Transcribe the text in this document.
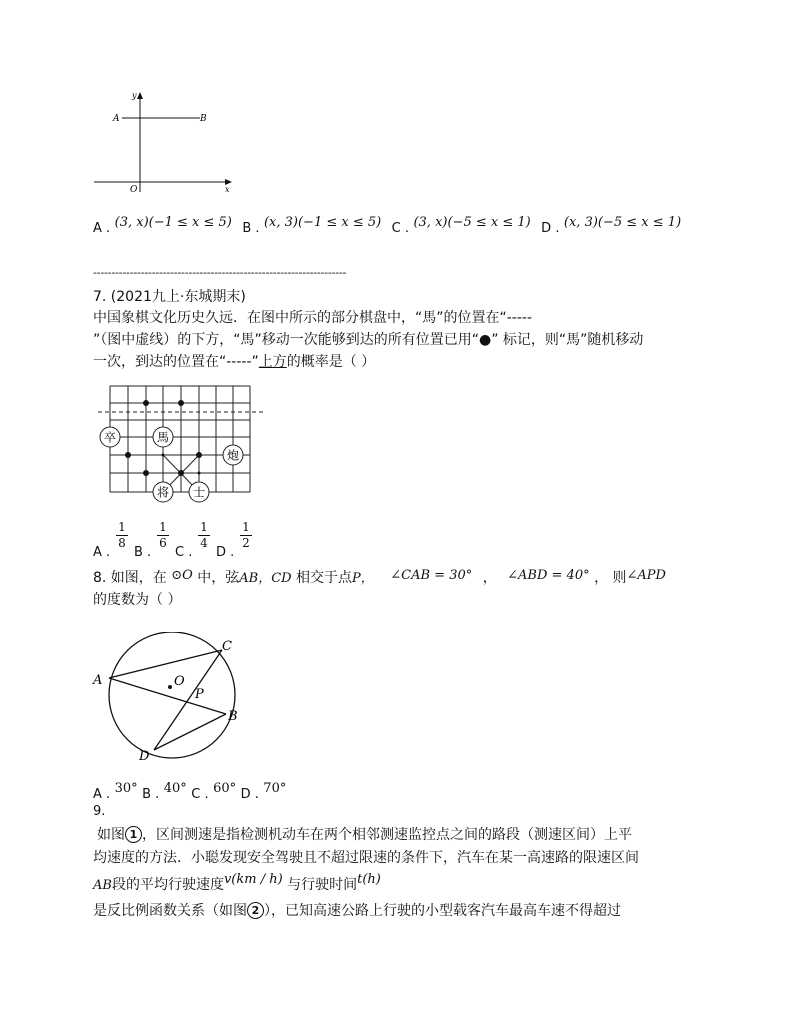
y
A	B
O	x
A . (3, x)(−1 ≤ x ≤ 5) B . (x, 3)(−1 ≤ x ≤ 5) C . (3, x)(−5 ≤ x ≤ 1) D . (x, 3)(−5 ≤ x ≤ 1)
---------------------------------------------------------------------
7. (2021九上·东城期末)
中国象棋文化历史久远．在图中所示的部分棋盘中，“馬”的位置在“-----
”（图中虚线）的下方，“馬”移动一次能够到达的所有位置已用“●” 标记，则“馬”随机移动
一次，到达的位置在“-----”上方的概率是（ ）
卒	馬
炮
将 士
A .
1
8
B .
1
6
C .
1
4
D .
1
2
8. 如图，在 ⊙O 中，弦AB，CD 相交于点P， ∠CAB = 30° ， ∠ABD = 40° ， 则∠APD
的度数为（ ）
A
B
C
D
O
P
A . 30° B . 40° C . 60° D . 70°
9.
如图 1 ，区间测速是指检测机动车在两个相邻测速监控点之间的路段（测速区间）上平
均速度的方法．小聪发现安全驾驶且不超过限速的条件下，汽车在某一高速路的限速区间
AB段的平均行驶速度v(km / h) 与行驶时间t(h)
是反比例函数关系（如图 2 ），已知高速公路上行驶的小型载客汽车最高车速不得超过
